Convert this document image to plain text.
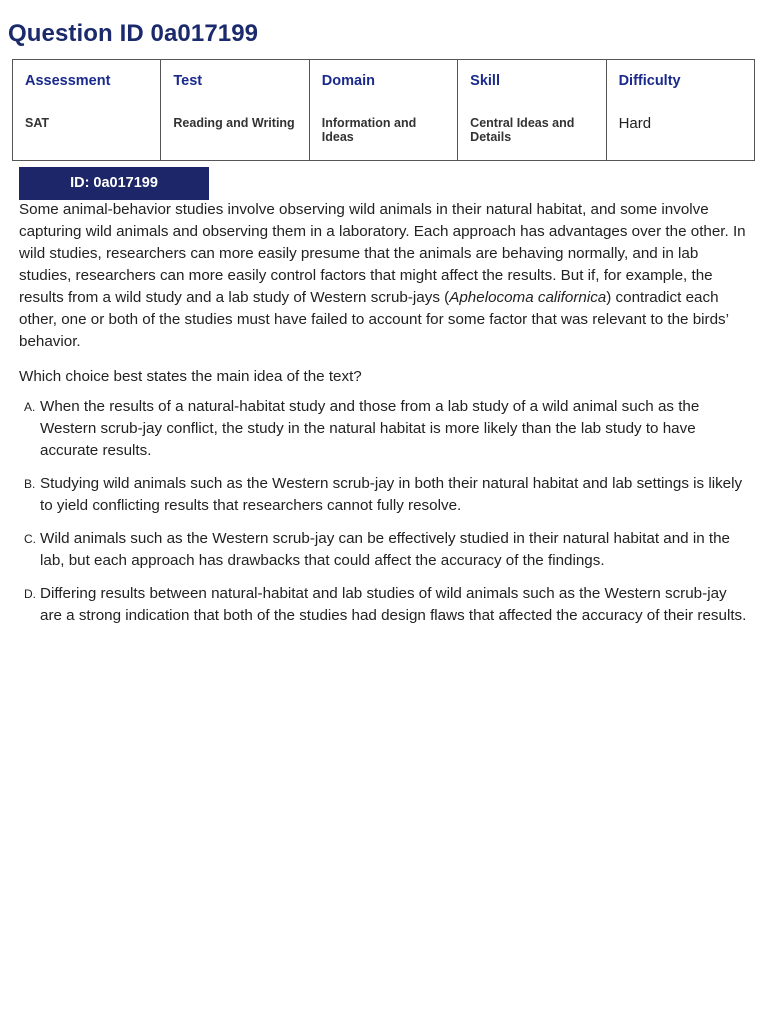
Question ID 0a017199
Assessment	Test	Domain	Skill	Difficulty
SAT	Reading and Writing	Information and Ideas	Central Ideas and Details	Hard
ID: 0a017199

Some animal-behavior studies involve observing wild animals in their natural habitat, and some involve capturing wild animals and observing them in a laboratory. Each approach has advantages over the other. In wild studies, researchers can more easily presume that the animals are behaving normally, and in lab studies, researchers can more easily control factors that might affect the results. But if, for example, the results from a wild study and a lab study of Western scrub-jays (Aphelocoma californica) contradict each other, one or both of the studies must have failed to account for some factor that was relevant to the birds’ behavior.

Which choice best states the main idea of the text?

A. When the results of a natural-habitat study and those from a lab study of a wild animal such as the Western scrub-jay conflict, the study in the natural habitat is more likely than the lab study to have accurate results.
B. Studying wild animals such as the Western scrub-jay in both their natural habitat and lab settings is likely to yield conflicting results that researchers cannot fully resolve.
C. Wild animals such as the Western scrub-jay can be effectively studied in their natural habitat and in the lab, but each approach has drawbacks that could affect the accuracy of the findings.
D. Differing results between natural-habitat and lab studies of wild animals such as the Western scrub-jay are a strong indication that both of the studies had design flaws that affected the accuracy of their results.
